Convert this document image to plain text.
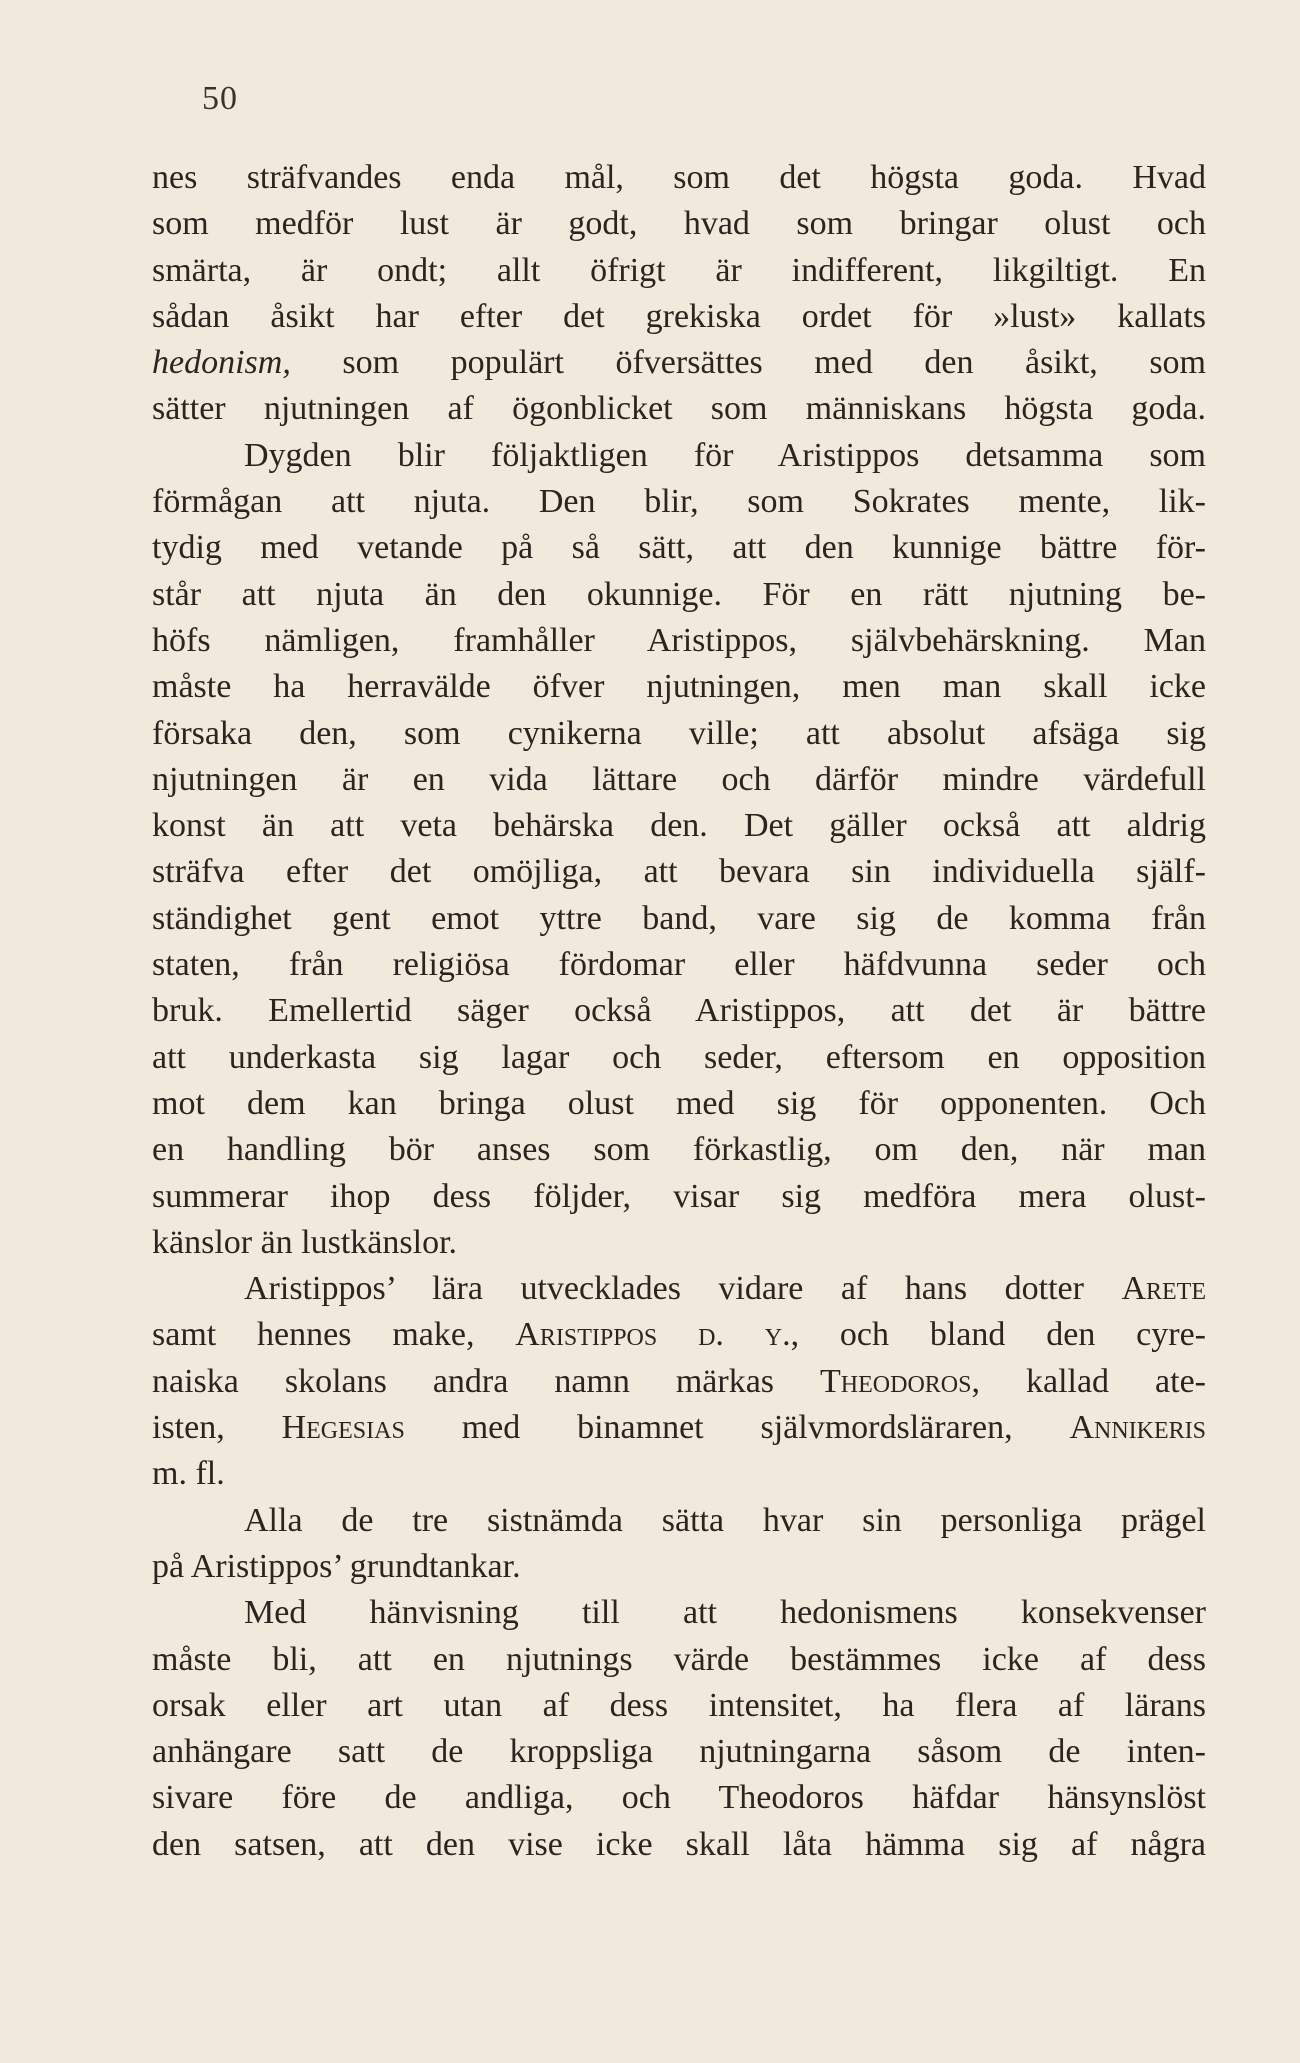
50
nes sträfvandes enda mål, som det högsta goda. Hvad
som medför lust är godt, hvad som bringar olust och
smärta, är ondt; allt öfrigt är indifferent, likgiltigt. En
sådan åsikt har efter det grekiska ordet för »lust» kallats
hedonism, som populärt öfversättes med den åsikt, som
sätter njutningen af ögonblicket som människans högsta goda.
Dygden blir följaktligen för Aristippos detsamma som
förmågan att njuta. Den blir, som Sokrates mente, lik-
tydig med vetande på så sätt, att den kunnige bättre för-
står att njuta än den okunnige. För en rätt njutning be-
höfs nämligen, framhåller Aristippos, självbehärskning. Man
måste ha herravälde öfver njutningen, men man skall icke
försaka den, som cynikerna ville; att absolut afsäga sig
njutningen är en vida lättare och därför mindre värdefull
konst än att veta behärska den. Det gäller också att aldrig
sträfva efter det omöjliga, att bevara sin individuella själf-
ständighet gent emot yttre band, vare sig de komma från
staten, från religiösa fördomar eller häfdvunna seder och
bruk. Emellertid säger också Aristippos, att det är bättre
att underkasta sig lagar och seder, eftersom en opposition
mot dem kan bringa olust med sig för opponenten. Och
en handling bör anses som förkastlig, om den, när man
summerar ihop dess följder, visar sig medföra mera olust-
känslor än lustkänslor.
Aristippos’ lära utvecklades vidare af hans dotter Arete
samt hennes make, Aristippos d. y., och bland den cyre-
naiska skolans andra namn märkas Theodoros, kallad ate-
isten, Hegesias med binamnet självmordsläraren, Annikeris
m. fl.
Alla de tre sistnämda sätta hvar sin personliga prägel
på Aristippos’ grundtankar.
Med hänvisning till att hedonismens konsekvenser
måste bli, att en njutnings värde bestämmes icke af dess
orsak eller art utan af dess intensitet, ha flera af lärans
anhängare satt de kroppsliga njutningarna såsom de inten-
sivare före de andliga, och Theodoros häfdar hänsynslöst
den satsen, att den vise icke skall låta hämma sig af några
